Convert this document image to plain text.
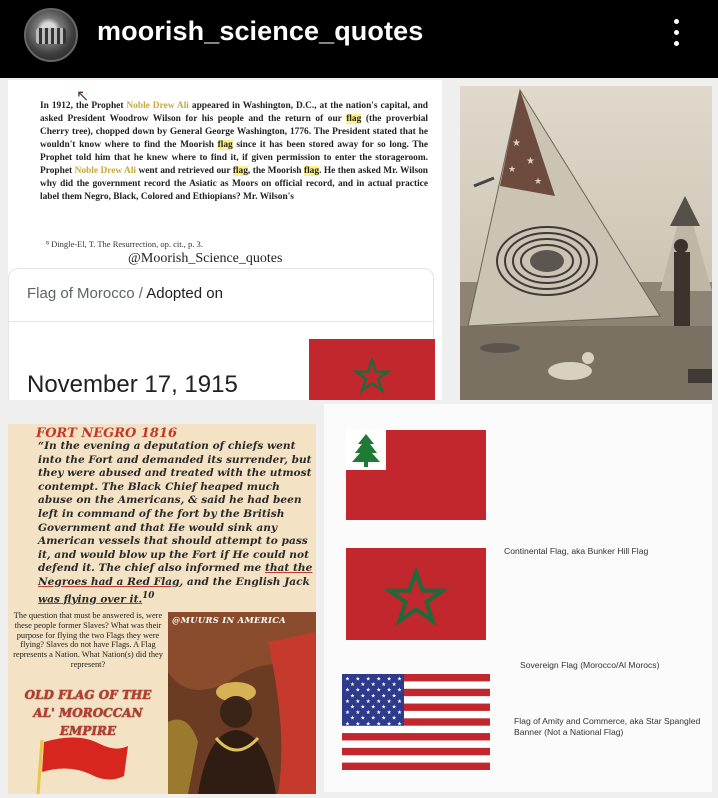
moorish_science_quotes
↖
In 1912, the Prophet Noble Drew Ali appeared in Washington, D.C., at the nation's capital, and asked President Woodrow Wilson for his people and the return of our flag (the proverbial Cherry tree), chopped down by General George Washington, 1776. The President stated that he wouldn't know where to find the Moorish flag since it has been stored away for so long. The Prophet told him that he knew where to find it, if given permission to enter the storageroom. Prophet Noble Drew Ali went and retrieved our flag, the Moorish flag. He then asked Mr. Wilson why did the government record the Asiatic as Moors on official record, and in actual practice label them Negro, Black, Colored and Ethiopians? Mr. Wilson's
⁸ Dingle-El, T. The Resurrection, op. cit., p. 3.
@Moorish_Science_quotes
Flag of Morocco / Adopted on
November 17, 1915
★
★
★
★
FORT NEGRO 1816
“In the evening a deputation of chiefs went into the Fort and demanded its surrender, but they were abused and treated with the utmost contempt. The Black Chief heaped much abuse on the Americans, & said he had been left in command of the fort by the British Government and that He would sink any American vessels that should attempt to pass it, and would blow up the Fort if He could not defend it. The chief also informed me that the Negroes had a Red Flag, and the English Jack was flying over it.$^{10}$
The question that must be answered is, were these people former Slaves? What was their purpose for flying the two Flags they were flying? Slaves do not have Flags. A Flag represents a Nation. What Nation(s) did they represent?
OLD FLAG OF THE
AL' MOROCCAN EMPIRE
@MUURS IN AMERICA
Continental Flag, aka Bunker Hill Flag
Sovereign Flag (Morocco/Al Morocs)
★ ★ ★ ★ ★ ★
★ ★ ★ ★ ★
★ ★ ★ ★ ★ ★
★ ★ ★ ★ ★
★ ★ ★ ★ ★ ★
★ ★ ★ ★ ★
★ ★ ★ ★ ★ ★
★ ★ ★ ★ ★
★ ★ ★ ★ ★ ★	Flag of Amity and Commerce, aka Star Spangled Banner (Not a National Flag)
